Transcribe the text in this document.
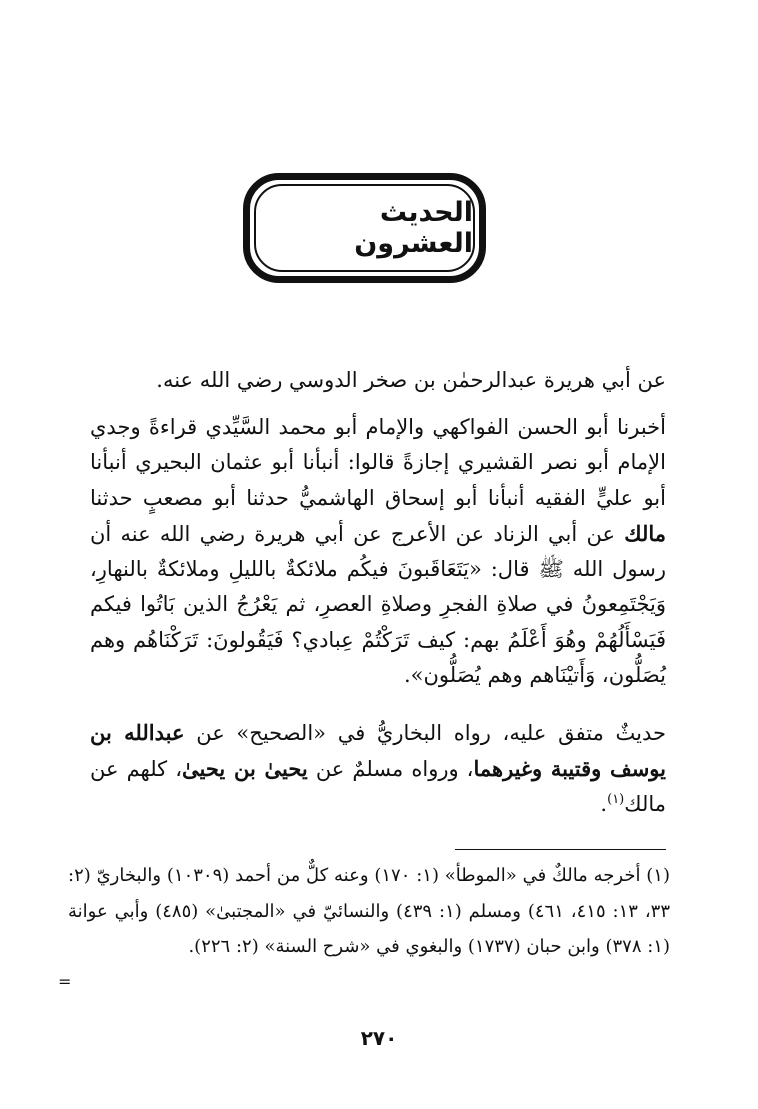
الحديث العشرون
عن أبي هريرة عبدالرحمٰن بن صخر الدوسي رضي الله عنه.
أخبرنا أبو الحسن الفواكهي والإمام أبو محمد السَّيِّدي قراءةً وجدي الإمام أبو نصر القشيري إجازةً قالوا: أنبأنا أبو عثمان البحيري أنبأنا أبو عليٍّ الفقيه أنبأنا أبو إسحاق الهاشميُّ حدثنا أبو مصعبٍ حدثنا مالك عن أبي الزناد عن الأعرج عن أبي هريرة رضي الله عنه أن رسول الله ﷺ قال: «يَتَعَاقَبونَ فيكُم ملائكةٌ بالليلِ وملائكةٌ بالنهارِ، وَيَجْتَمِعونُ في صلاةِ الفجرِ وصلاةِ العصرِ، ثم يَعْرُجُ الذين بَاتُوا فيكم فَيَسْأَلُهُمْ وهُوَ أَعْلَمُ بهم: كيف تَرَكْتُمْ عِبادي؟ فَيَقُولونَ: تَرَكْنَاهُم وهم يُصَلُّون، وَأَتيْنَاهم وهم يُصَلُّون».
حديثٌ متفق عليه، رواه البخاريُّ في «الصحيح» عن عبدالله بن يوسف وقتيبة وغيرهما، ورواه مسلمٌ عن يحيىٰ بن يحيىٰ، كلهم عن مالك$^{(١)}$.
(١) أخرجه مالكٌ في «الموطأ» (١: ١٧٠) وعنه كلٌّ من أحمد (١٠٣٠٩) والبخاريّ (٢: ٣٣، ١٣: ٤١٥، ٤٦١) ومسلم (١: ٤٣٩) والنسائيّ في «المجتبىٰ» (٤٨٥) وأبي عوانة (١: ٣٧٨) وابن حبان (١٧٣٧) والبغوي في «شرح السنة» (٢: ٢٢٦).
=
٢٧٠
